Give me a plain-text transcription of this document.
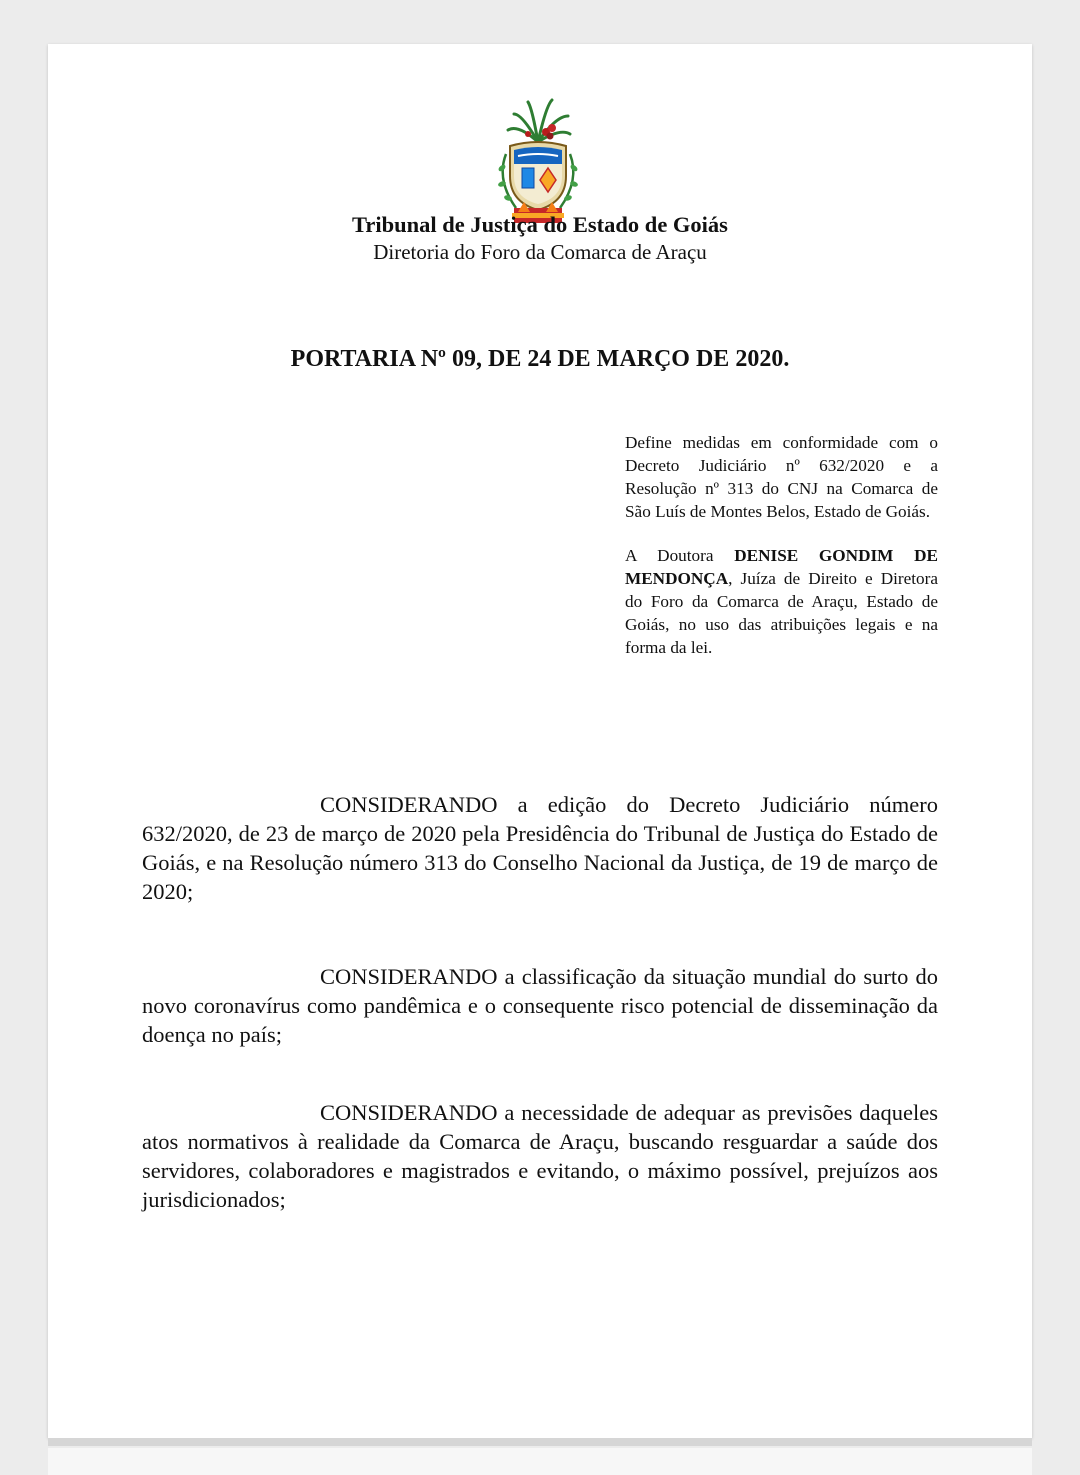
Tribunal de Justiça do Estado de Goiás
Diretoria do Foro da Comarca de Araçu
PORTARIA Nº 09, DE 24 DE MARÇO DE 2020.

Define medidas em conformidade com o Decreto Judiciário nº 632/2020 e a Resolução nº 313 do CNJ na Comarca de São Luís de Montes Belos, Estado de Goiás.

A Doutora DENISE GONDIM DE MENDONÇA, Juíza de Direito e Diretora do Foro da Comarca de Araçu, Estado de Goiás, no uso das atribuições legais e na forma da lei.

CONSIDERANDO a edição do Decreto Judiciário número 632/2020, de 23 de março de 2020 pela Presidência do Tribunal de Justiça do Estado de Goiás, e na Resolução número 313 do Conselho Nacional da Justiça, de 19 de março de 2020;

CONSIDERANDO a classificação da situação mundial do surto do novo coronavírus como pandêmica e o consequente risco potencial de disseminação da doença no país;

CONSIDERANDO a necessidade de adequar as previsões daqueles atos normativos à realidade da Comarca de Araçu, buscando resguardar a saúde dos servidores, colaboradores e magistrados e evitando, o máximo possível, prejuízos aos jurisdicionados;
